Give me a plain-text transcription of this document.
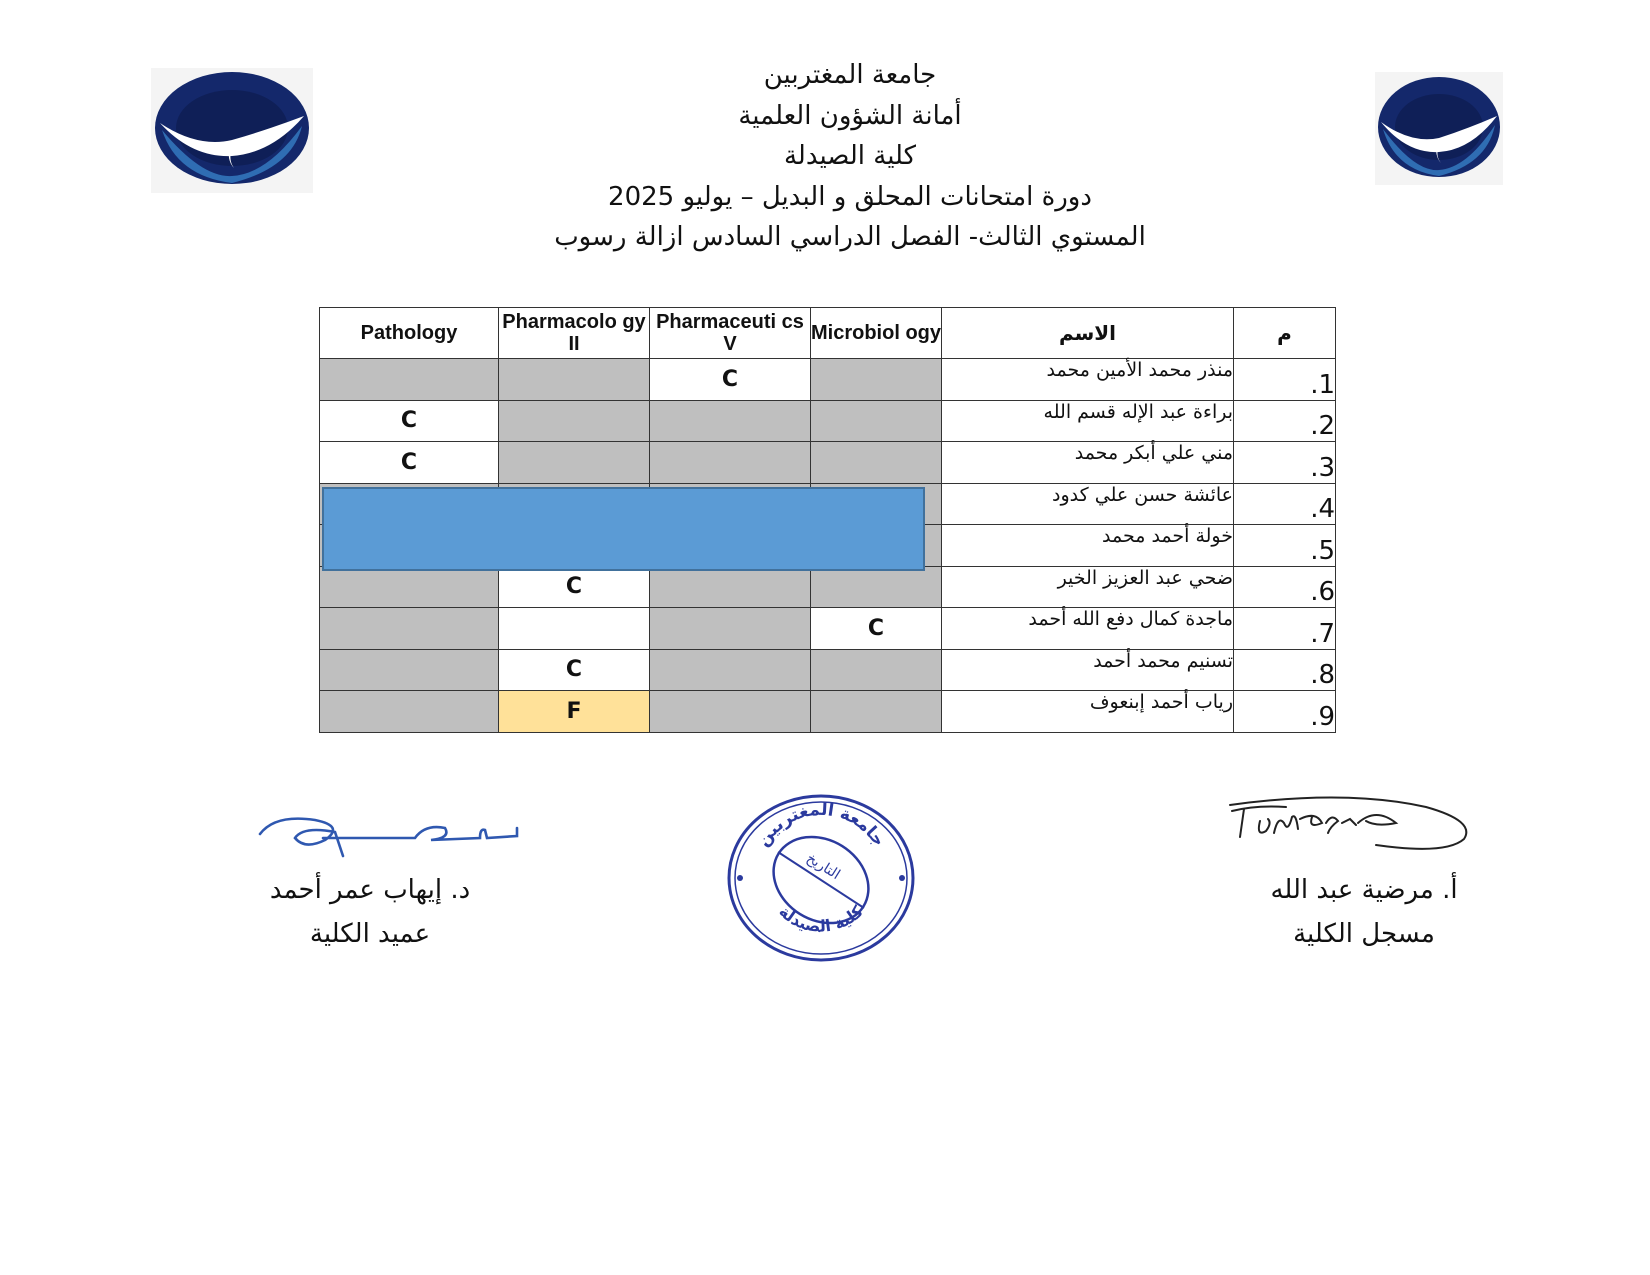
جامعة المغتربين
أمانة الشؤون العلمية
كلية الصيدلة
دورة امتحانات المحلق و البديل – يوليو 2025
المستوي الثالث- الفصل الدراسي السادس ازالة رسوب
Pathology	Pharmacolo gy II	Pharmaceuti cs V	Microbiol ogy	الاسم	م
		C		منذر محمد الأمين محمد	1.
C				براءة عبد الإله قسم الله	2.
C				مني علي أبكر محمد	3.
				عائشة حسن علي كدود	4.
				خولة أحمد محمد	5.
	C			ضحي عبد العزيز الخير	6.
			C	ماجدة كمال دفع الله أحمد	7.
	C			تسنيم محمد أحمد	8.
	F			رياب أحمد إبنعوف	9.
جامعة المغتربين
التاريخ
كلية الصيدلة
د. إيهاب عمر أحمد
عميد الكلية
أ. مرضية عبد الله
مسجل الكلية
